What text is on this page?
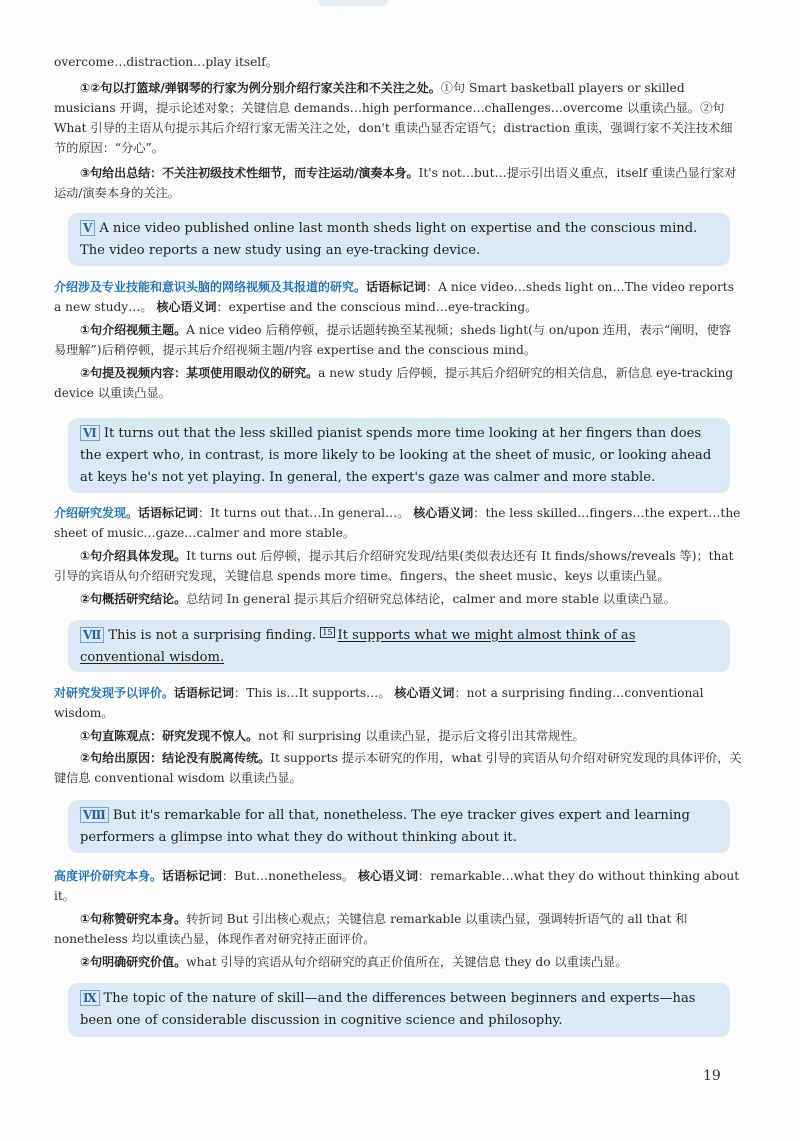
overcome…distraction…play itself。

①②句以打篮球/弹钢琴的行家为例分别介绍行家关注和不关注之处。①句 Smart basketball players or skilled musicians 开调，提示论述对象；关键信息 demands…high performance…challenges…overcome 以重读凸显。②句 What 引导的主语从句提示其后介绍行家无需关注之处，don't 重读凸显否定语气；distraction 重读，强调行家不关注技术细节的原因：“分心”。

③句给出总结：不关注初级技术性细节，而专注运动/演奏本身。It's not…but…提示引出语义重点，itself 重读凸显行家对运动/演奏本身的关注。

Ⅴ A nice video published online last month sheds light on expertise and the conscious mind. The video reports a new study using an eye-tracking device.

介绍涉及专业技能和意识头脑的网络视频及其报道的研究。话语标记词：A nice video…sheds light on…The video reports a new study…。 核心语义词：expertise and the conscious mind…eye-tracking。

①句介绍视频主题。A nice video 后稍停顿，提示话题转换至某视频；sheds light(与 on/upon 连用，表示“阐明，使容易理解”)后稍停顿，提示其后介绍视频主题/内容 expertise and the conscious mind。

②句提及视频内容：某项使用眼动仪的研究。a new study 后停顿，提示其后介绍研究的相关信息，新信息 eye-tracking device 以重读凸显。

Ⅵ It turns out that the less skilled pianist spends more time looking at her fingers than does the expert who, in contrast, is more likely to be looking at the sheet of music, or looking ahead at keys he's not yet playing. In general, the expert's gaze was calmer and more stable.

介绍研究发现。话语标记词：It turns out that…In general…。 核心语义词：the less skilled…fingers…the expert…the sheet of music…gaze…calmer and more stable。

①句介绍具体发现。It turns out 后停顿，提示其后介绍研究发现/结果(类似表达还有 It finds/shows/reveals 等)；that 引导的宾语从句介绍研究发现，关键信息 spends more time、fingers、the sheet music、keys 以重读凸显。

②句概括研究结论。总结词 In general 提示其后介绍研究总体结论，calmer and more stable 以重读凸显。

Ⅶ This is not a surprising finding. 15 It supports what we might almost think of as conventional wisdom.

对研究发现予以评价。话语标记词：This is…It supports…。 核心语义词：not a surprising finding…conventional wisdom。

①句直陈观点：研究发现不惊人。not 和 surprising 以重读凸显，提示后文将引出其常规性。

②句给出原因：结论没有脱离传统。It supports 提示本研究的作用，what 引导的宾语从句介绍对研究发现的具体评价，关键信息 conventional wisdom 以重读凸显。

Ⅷ But it's remarkable for all that, nonetheless. The eye tracker gives expert and learning performers a glimpse into what they do without thinking about it.

高度评价研究本身。话语标记词：But…nonetheless。 核心语义词：remarkable…what they do without thinking about it。

①句称赞研究本身。转折词 But 引出核心观点；关键信息 remarkable 以重读凸显，强调转折语气的 all that 和 nonetheless 均以重读凸显，体现作者对研究持正面评价。

②句明确研究价值。what 引导的宾语从句介绍研究的真正价值所在，关键信息 they do 以重读凸显。

Ⅸ The topic of the nature of skill—and the differences between beginners and experts—has been one of considerable discussion in cognitive science and philosophy.
19
